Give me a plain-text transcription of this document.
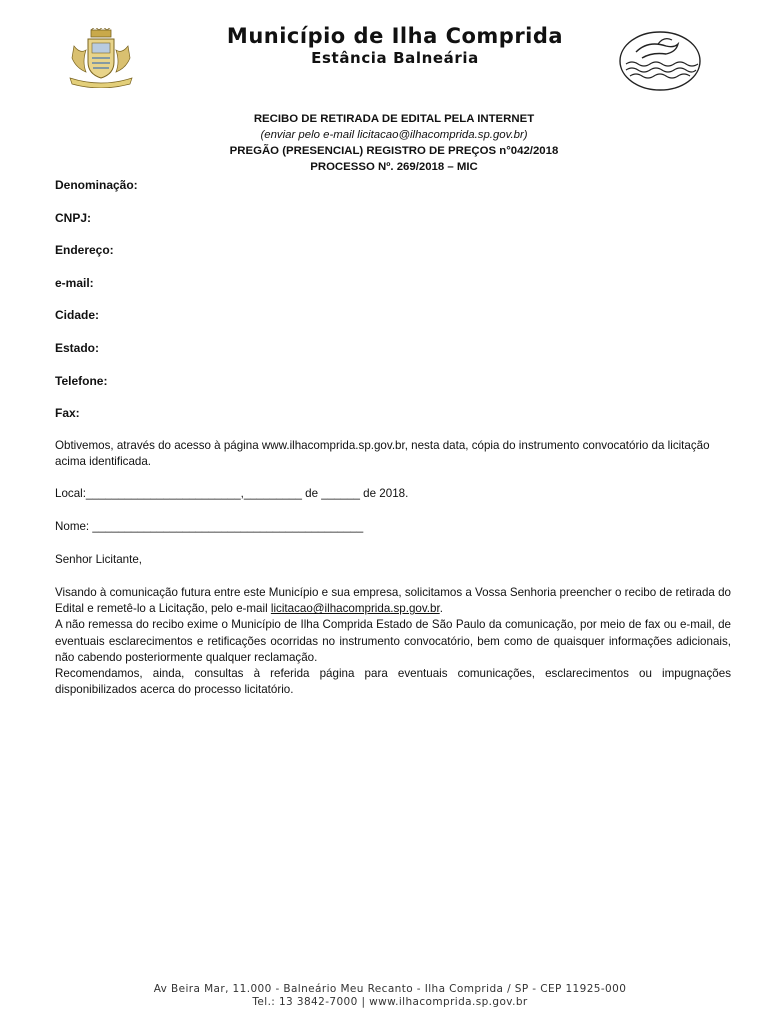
Município de Ilha Comprida
Estância Balneária
RECIBO DE RETIRADA DE EDITAL PELA INTERNET
(enviar pelo e-mail licitacao@ilhacomprida.sp.gov.br)
PREGÃO (PRESENCIAL) REGISTRO DE PREÇOS n°042/2018
PROCESSO Nº. 269/2018 – MIC
Denominação:
CNPJ:
Endereço:
e-mail:
Cidade:
Estado:
Telefone:
Fax:
Obtivemos, através do acesso à página www.ilhacomprida.sp.gov.br, nesta data, cópia do instrumento convocatório da licitação acima identificada.
Local:________________________,_________ de ______ de 2018.
Nome: __________________________________________
Senhor Licitante,
Visando à comunicação futura entre este Município e sua empresa, solicitamos a Vossa Senhoria preencher o recibo de retirada do Edital e remetê-lo a Licitação, pelo e-mail licitacao@ilhacomprida.sp.gov.br.
A não remessa do recibo exime o Município de Ilha Comprida Estado de São Paulo da comunicação, por meio de fax ou e-mail, de eventuais esclarecimentos e retificações ocorridas no instrumento convocatório, bem como de quaisquer informações adicionais, não cabendo posteriormente qualquer reclamação.
Recomendamos, ainda, consultas à referida página para eventuais comunicações, esclarecimentos ou impugnações disponibilizados acerca do processo licitatório.
Av Beira Mar, 11.000 - Balneário Meu Recanto - Ilha Comprida / SP - CEP 11925-000
Tel.: 13 3842-7000 | www.ilhacomprida.sp.gov.br
